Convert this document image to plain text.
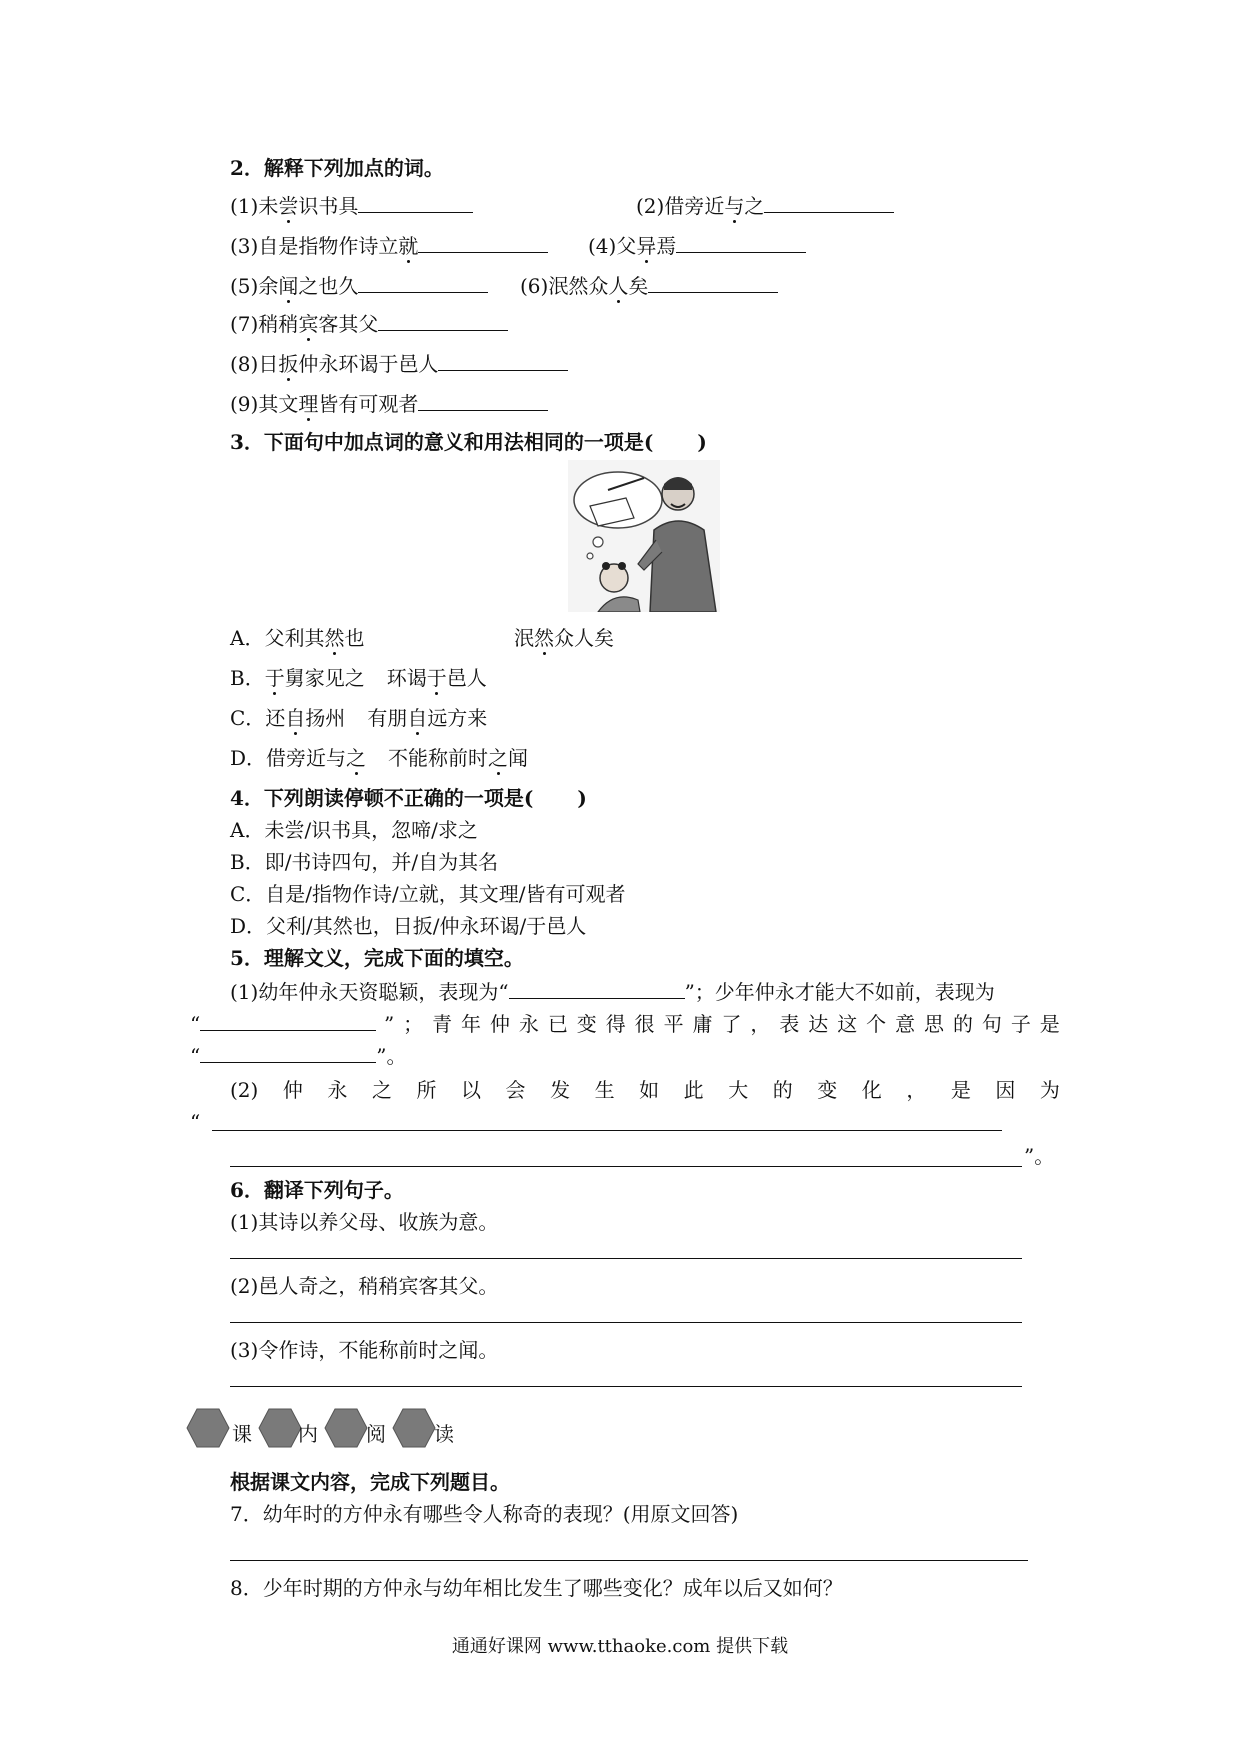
2．解释下列加点的词。
(1)未尝识书具	(2)借旁近与之
(3)自是指物作诗立就	(4)父异焉
(5)余闻之也久	(6)泯然众人矣
(7)稍稍宾客其父
(8)日扳仲永环谒于邑人
(9)其文理皆有可观者
3．下面句中加点词的意义和用法相同的一项是( )
A．父利其然也	泯然众人矣
B．于舅家见之 环谒于邑人
C．还自扬州 有朋自远方来
D．借旁近与之 不能称前时之闻
4．下列朗读停顿不正确的一项是( )
A．未尝/识书具，忽啼/求之
B．即/书诗四句，并/自为其名
C．自是/指物作诗/立就，其文理/皆有可观者
D．父利/其然也，日扳/仲永环谒/于邑人
5．理解文义，完成下面的填空。
(1)幼年仲永天资聪颖，表现为“	”；少年仲永才能大不如前，表现为
“	” ； 青 年 仲 永 已 变 得 很 平 庸 了 ， 表 达 这 个 意 思 的 句 子 是
“	”。
(2) 仲 永 之 所 以 会 发 生 如 此 大 的 变 化 ， 是 因 为
“
”。
6．翻译下列句子。
(1)其诗以养父母、收族为意。
(2)邑人奇之，稍稍宾客其父。
(3)令作诗，不能称前时之闻。
课 内 阅 读
根据课文内容，完成下列题目。
7．幼年时的方仲永有哪些令人称奇的表现？(用原文回答)
8．少年时期的方仲永与幼年相比发生了哪些变化？成年以后又如何？
通通好课网 www.tthaoke.com 提供下载
